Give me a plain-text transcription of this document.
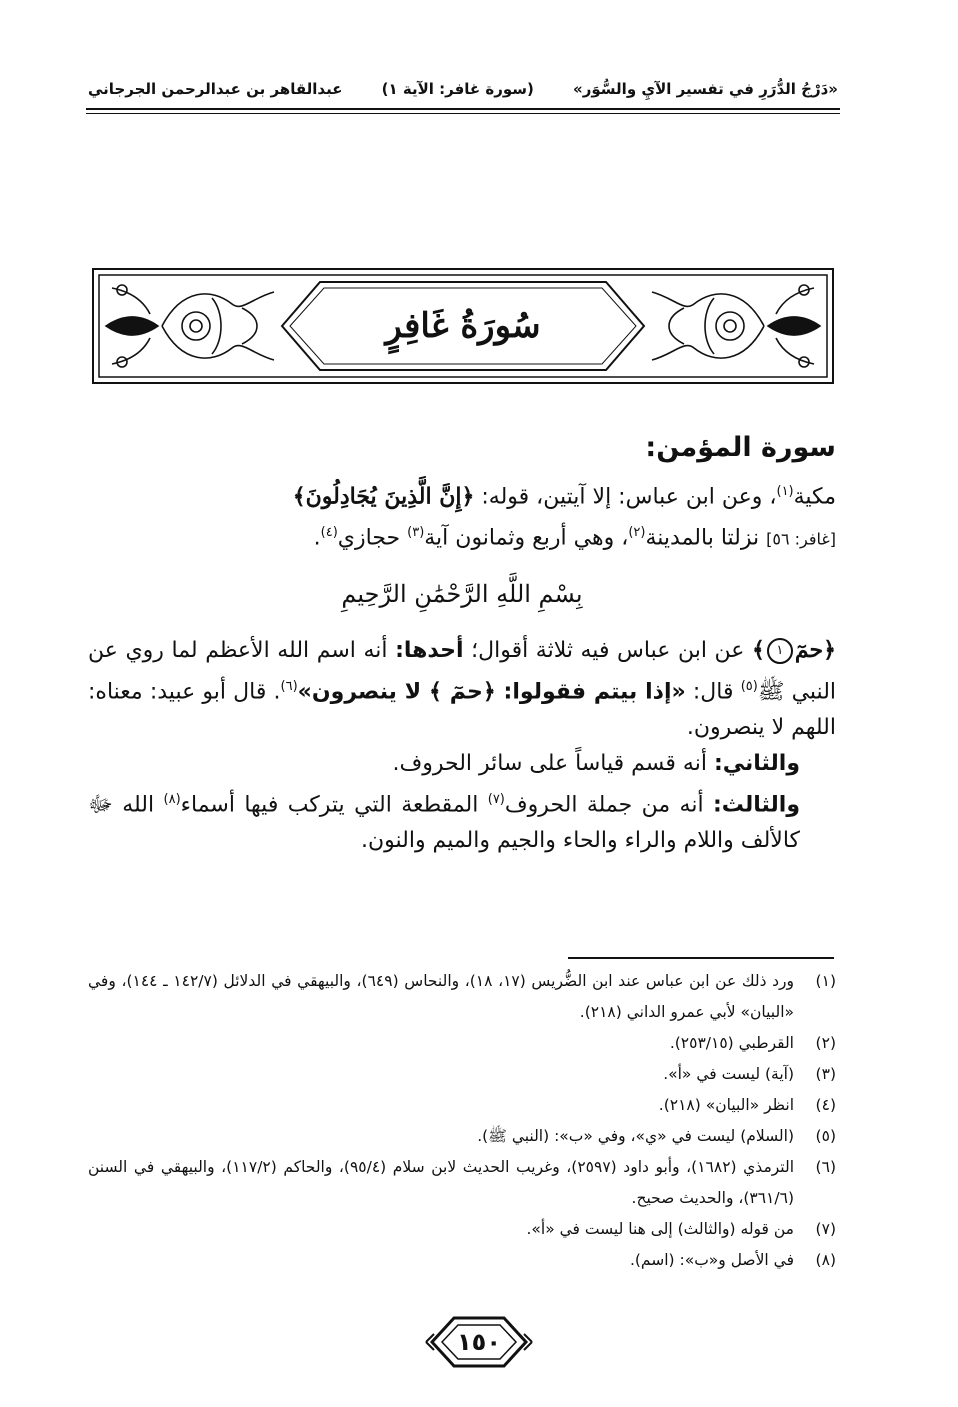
«دَرْجُ الدُّرَرِ في تفسير الآيِ والسُّوَر»
(سورة غافر: الآية ١)
عبدالقاهر بن عبدالرحمن الجرجاني
سُورَةُ غَافِرٍ

سورة المؤمن:

مكية$^{(١)}$، وعن ابن عباس: إلا آيتين، قوله: ﴿إِنَّ الَّذِينَ يُجَادِلُونَ﴾
[غافر: ٥٦] نزلتا بالمدينة$^{(٢)}$، وهي أربع وثمانون آية$^{(٣)}$ حجازي$^{(٤)}$.

بِسْمِ اللَّهِ الرَّحْمَٰنِ الرَّحِيمِ

﴿حمٓ١﴾ عن ابن عباس فيه ثلاثة أقوال؛ أحدها: أنه اسم الله الأعظم لما روي عن النبي ﷺ$^{(٥)}$ قال: «إذا بيتم فقولوا: ﴿حمٓ ﴾ لا ينصرون»$^{(٦)}$. قال أبو عبيد: معناه: اللهم لا ينصرون.

والثاني: أنه قسم قياساً على سائر الحروف.

والثالث: أنه من جملة الحروف$^{(٧)}$ المقطعة التي يتركب فيها أسماء$^{(٨)}$ الله ﷻ كالألف واللام والراء والحاء والجيم والميم والنون.

(١)
ورد ذلك عن ابن عباس عند ابن الضُّريس (١٧، ١٨)، والنحاس (٦٤٩)، والبيهقي في الدلائل (١٤٢/٧ ـ ١٤٤)، وفي «البيان» لأبي عمرو الداني (٢١٨).
(٢)
القرطبي (٢٥٣/١٥).
(٣)
(آية) ليست في «أ».
(٤)
انظر «البيان» (٢١٨).
(٥)
(السلام) ليست في «ي»، وفي «ب»: (النبي ﷺ).
(٦)
الترمذي (١٦٨٢)، وأبو داود (٢٥٩٧)، وغريب الحديث لابن سلام (٩٥/٤)، والحاكم (١١٧/٢)، والبيهقي في السنن (٣٦١/٦)، والحديث صحيح.
(٧)
من قوله (والثالث) إلى هنا ليست في «أ».
(٨)
في الأصل و«ب»: (اسم).
١٥٠
